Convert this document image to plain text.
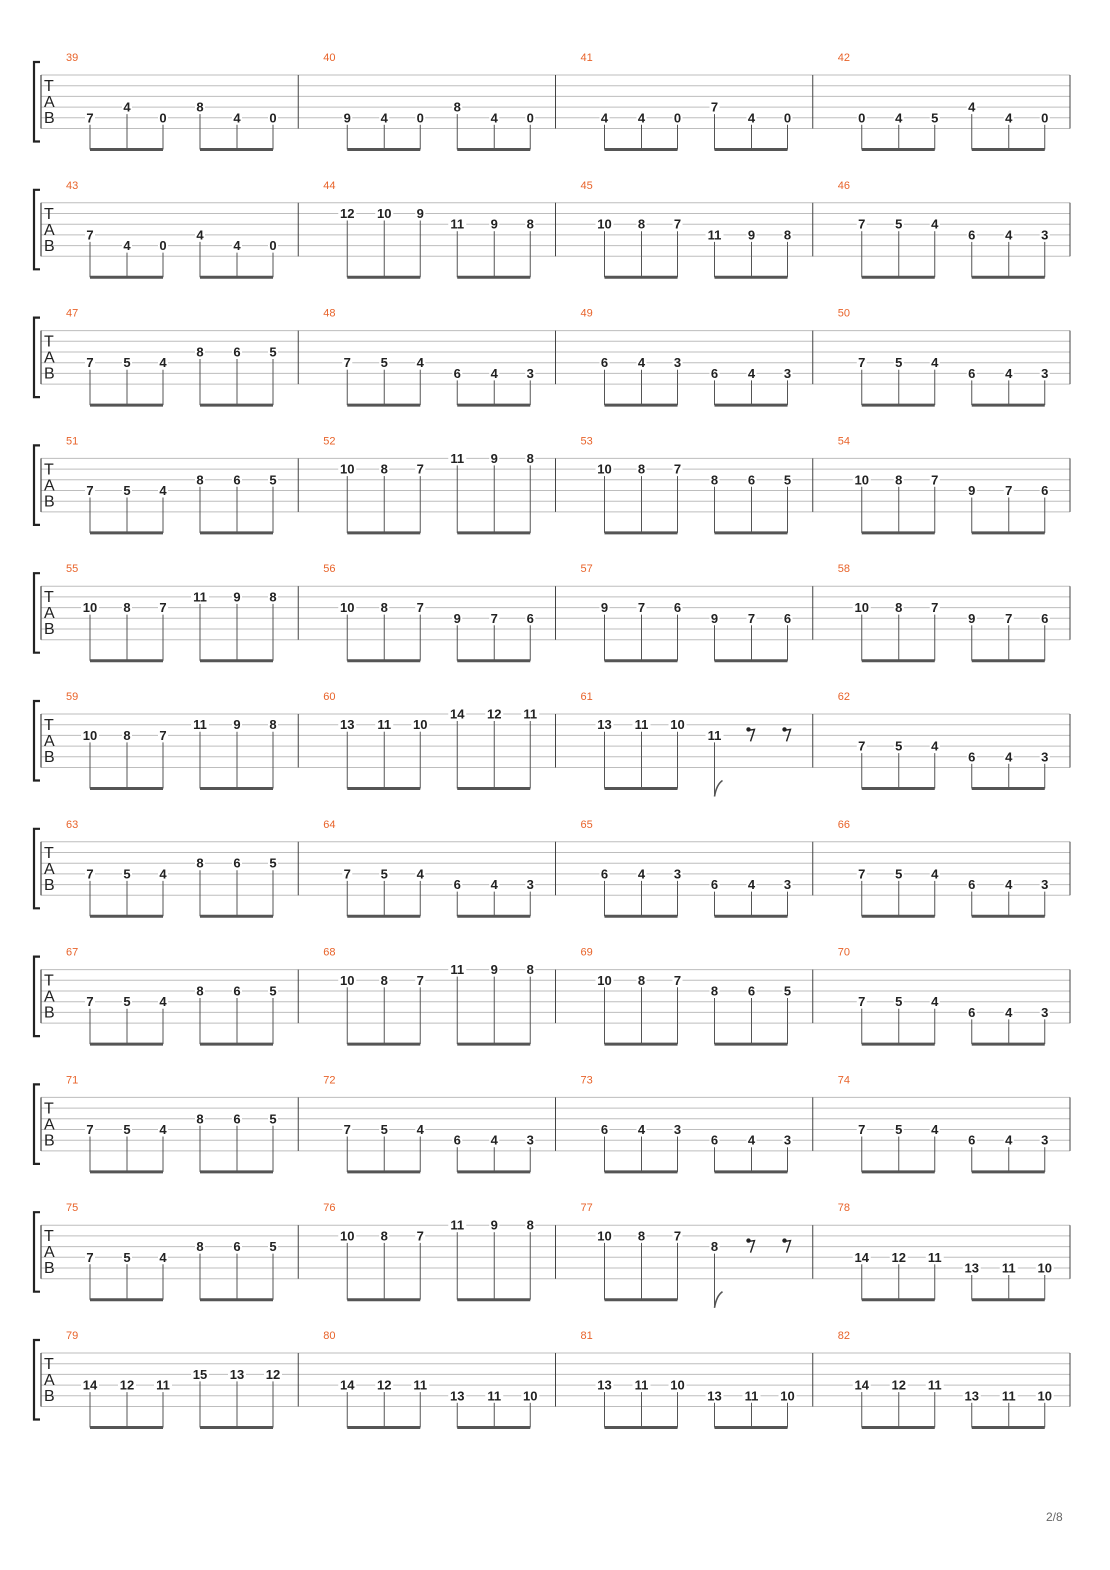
T
A
B
39
7
4
0
8
4 0
40
9 4 0
8
4 0
41
4 4 0
7
4 0
42
0 4 5
4
4 0
T
A
B
43
7
4 0
4
4 0
44
12 10 9
11 9 8
45
10 8 7
11 9 8
46
7 5 4
6 4 3
T
A
B
47
7 5 4
8 6 5
48
7 5 4
6 4 3
49
6 4 3
6 4 3
50
7 5 4
6 4 3
T
A
B
51
7 5 4
8 6 5
52
10 8 7
11 9 8
53
10 8 7
8 6 5
54
10 8 7
9 7 6
T
A
B
55
10 8 7
11 9 8
56
10 8 7
9 7 6
57
9 7 6
9 7 6
58
10 8 7
9 7 6
T
A
B
59
10 8 7
11 9 8
60
13 11 10
14 12 11
61
13 11 10
11
62
7 5 4
6 4 3
T
A
B
63
7 5 4
8 6 5
64
7 5 4
6 4 3
65
6 4 3
6 4 3
66
7 5 4
6 4 3
T
A
B
67
7 5 4
8 6 5
68
10 8 7
11 9 8
69
10 8 7
8 6 5
70
7 5 4
6 4 3
T
A
B
71
7 5 4
8 6 5
72
7 5 4
6 4 3
73
6 4 3
6 4 3
74
7 5 4
6 4 3
T
A
B
75
7 5 4
8 6 5
76
10 8 7
11 9 8
77
10 8 7
8
78
14 12 11
13 11 10
T
A
B
79
14 12 11
15 13 12
80
14 12 11
13 11 10
81
13 11 10
13 11 10
82
14 12 11
13 11 10
2/8
